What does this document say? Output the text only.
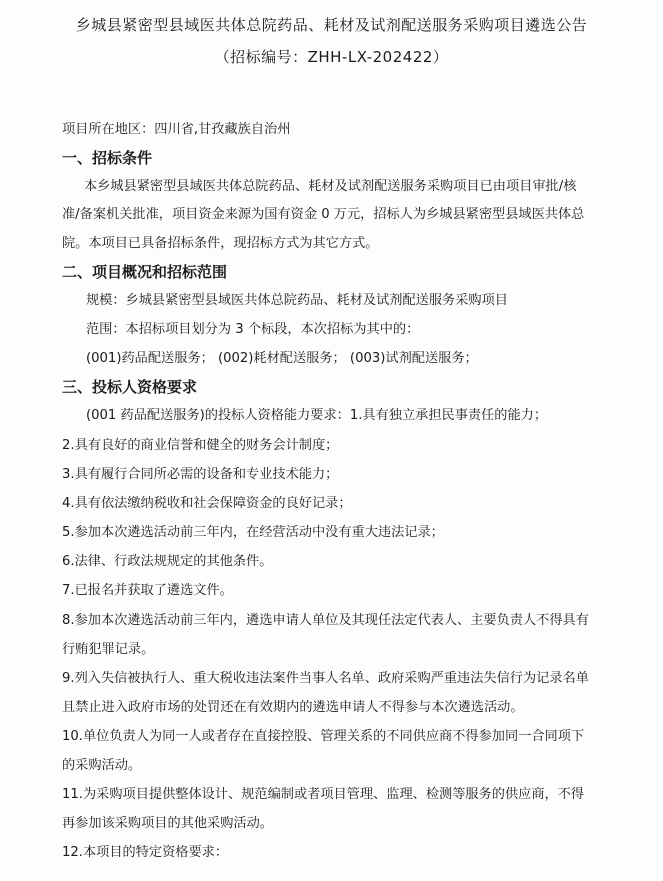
乡城县紧密型县域医共体总院药品、耗材及试剂配送服务采购项目遴选公告

（招标编号：ZHH-LX-202422）

项目所在地区：四川省,甘孜藏族自治州

一、招标条件

本乡城县紧密型县域医共体总院药品、耗材及试剂配送服务采购项目已由项目审批/核

准/备案机关批准，项目资金来源为国有资金 0 万元，招标人为乡城县紧密型县域医共体总

院。本项目已具备招标条件，现招标方式为其它方式。

二、项目概况和招标范围

规模：乡城县紧密型县域医共体总院药品、耗材及试剂配送服务采购项目

范围：本招标项目划分为 3 个标段，本次招标为其中的：

(001)药品配送服务； (002)耗材配送服务； (003)试剂配送服务；

三、投标人资格要求

(001 药品配送服务)的投标人资格能力要求：1.具有独立承担民事责任的能力；

2.具有良好的商业信誉和健全的财务会计制度；

3.具有履行合同所必需的设备和专业技术能力；

4.具有依法缴纳税收和社会保障资金的良好记录；

5.参加本次遴选活动前三年内，在经营活动中没有重大违法记录；

6.法律、行政法规规定的其他条件。

7.已报名并获取了遴选文件。

8.参加本次遴选活动前三年内，遴选申请人单位及其现任法定代表人、主要负责人不得具有

行贿犯罪记录。

9.列入失信被执行人、重大税收违法案件当事人名单、政府采购严重违法失信行为记录名单

且禁止进入政府市场的处罚还在有效期内的遴选申请人不得参与本次遴选活动。

10.单位负责人为同一人或者存在直接控股、管理关系的不同供应商不得参加同一合同项下

的采购活动。

11.为采购项目提供整体设计、规范编制或者项目管理、监理、检测等服务的供应商，不得

再参加该采购项目的其他采购活动。

12.本项目的特定资格要求：
